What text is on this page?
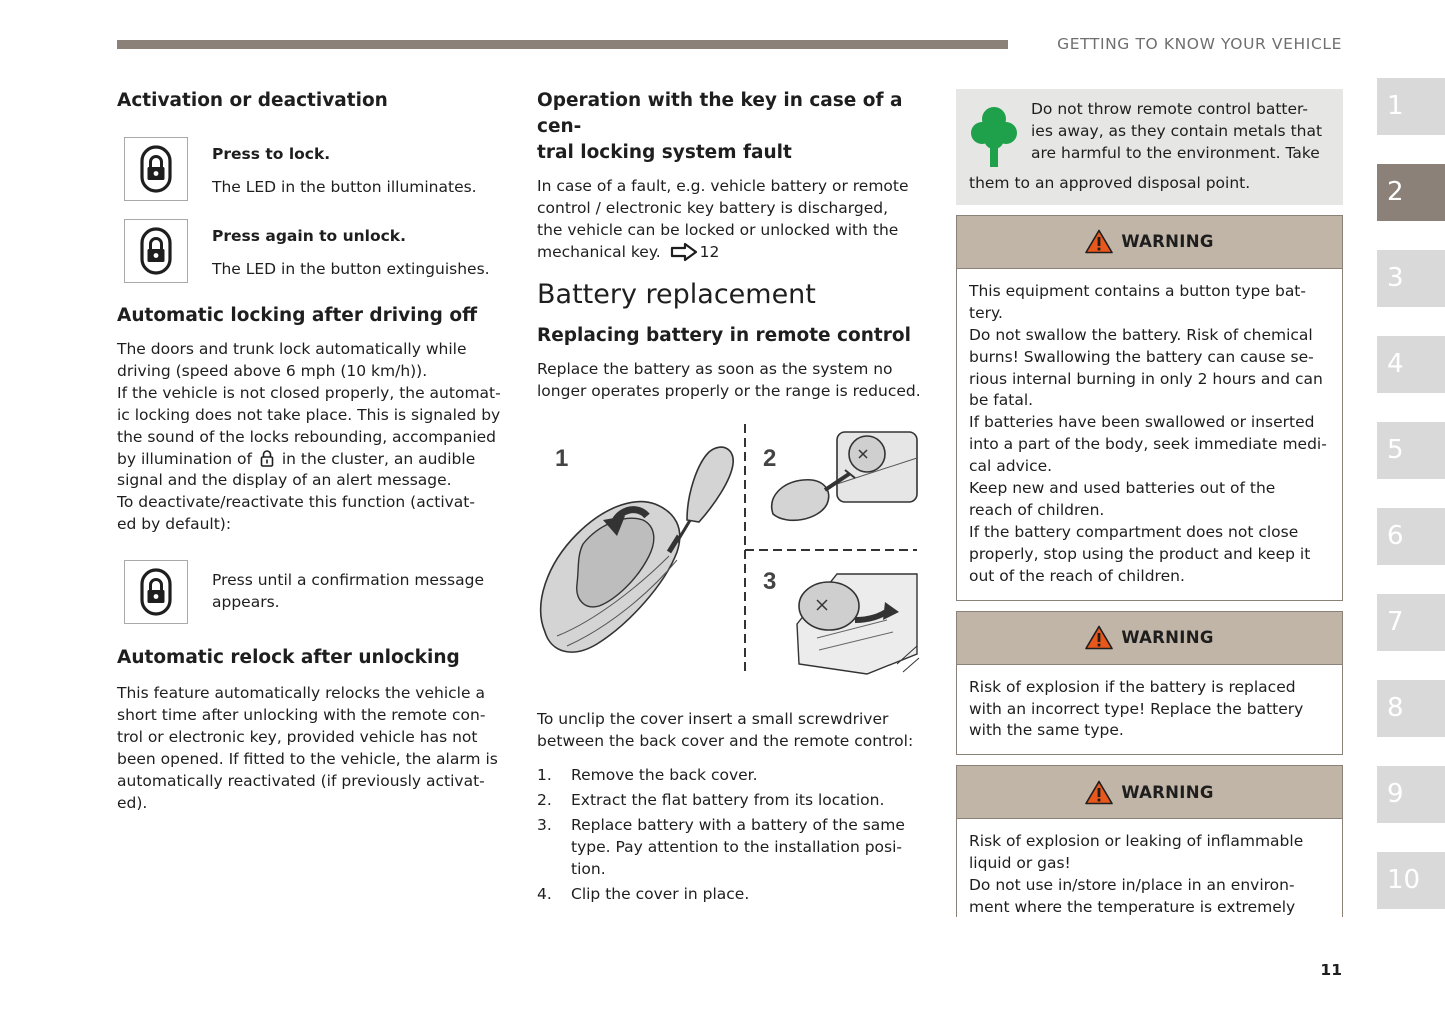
GETTING TO KNOW YOUR VEHICLE
Activation or deactivation
Press to lock.

The LED in the button illuminates.

Press again to unlock.

The LED in the button extinguishes.

Automatic locking after driving off

The doors and trunk lock automatically while

driving (speed above 6 mph (10 km/h)).

If the vehicle is not closed properly, the automat-

ic locking does not take place. This is signaled by

the sound of the locks rebounding, accompanied

by illumination of in the cluster, an audible

signal and the display of an alert message.

To deactivate/reactivate this function (activat-

ed by default):

Press until a confirmation message

appears.

Automatic relock after unlocking

This feature automatically relocks the vehicle a

short time after unlocking with the remote con-

trol or electronic key, provided vehicle has not

been opened. If fitted to the vehicle, the alarm is

automatically reactivated (if previously activat-

ed).

Operation with the key in case of a cen-
tral locking system fault

In case of a fault, e.g. vehicle battery or remote

control / electronic key battery is discharged,

the vehicle can be locked or unlocked with the

mechanical key.	12

Battery replacement
Replacing battery in remote control

Replace the battery as soon as the system no

longer operates properly or the range is reduced.

1	2
3

To unclip the cover insert a small screwdriver

between the back cover and the remote control:

1.	Remove the back cover.
2.	Extract the flat battery from its location.
3.	Replace battery with a battery of the same
type. Pay attention to the installation posi-
tion.
4.	Clip the cover in place.

Do not throw remote control batter-

ies away, as they contain metals that

are harmful to the environment. Take

them to an approved disposal point.

WARNING

This equipment contains a button type bat-

tery.

Do not swallow the battery. Risk of chemical

burns! Swallowing the battery can cause se-

rious internal burning in only 2 hours and can

be fatal.

If batteries have been swallowed or inserted

into a part of the body, seek immediate medi-

cal advice.

Keep new and used batteries out of the

reach of children.

If the battery compartment does not close

properly, stop using the product and keep it

out of the reach of children.

WARNING

Risk of explosion if the battery is replaced

with an incorrect type! Replace the battery

with the same type.

WARNING

Risk of explosion or leaking of inflammable

liquid or gas!

Do not use in/store in/place in an environ-

ment where the temperature is extremely

1
2
3
4
5
6
7
8
9
10
11
